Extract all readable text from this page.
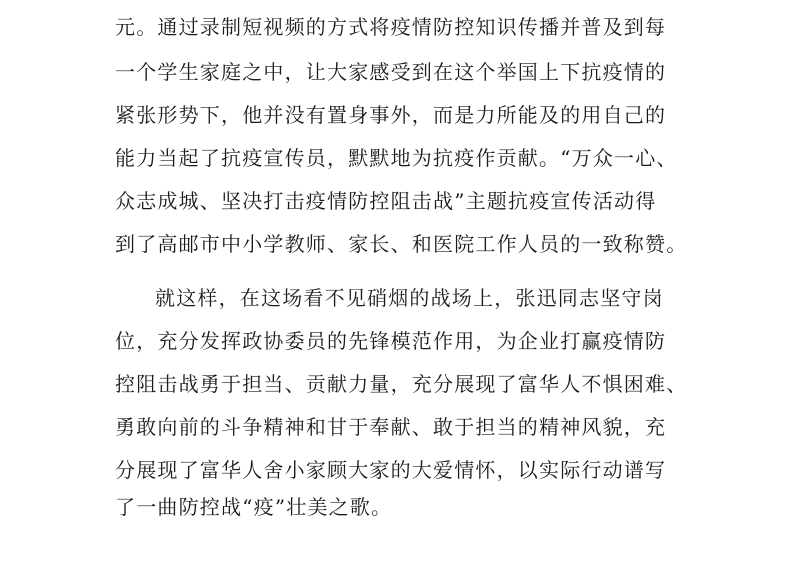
元。通过录制短视频的方式将疫情防控知识传播并普及到每
一个学生家庭之中，让大家感受到在这个举国上下抗疫情的
紧张形势下，他并没有置身事外，而是力所能及的用自己的
能力当起了抗疫宣传员，默默地为抗疫作贡献。“万众一心、
众志成城、坚决打击疫情防控阻击战”主题抗疫宣传活动得
到了高邮市中小学教师、家长、和医院工作人员的一致称赞。
就这样，在这场看不见硝烟的战场上，张迅同志坚守岗
位，充分发挥政协委员的先锋模范作用，为企业打赢疫情防
控阻击战勇于担当、贡献力量，充分展现了富华人不惧困难、
勇敢向前的斗争精神和甘于奉献、敢于担当的精神风貌，充
分展现了富华人舍小家顾大家的大爱情怀，以实际行动谱写
了一曲防控战“疫”壮美之歌。
